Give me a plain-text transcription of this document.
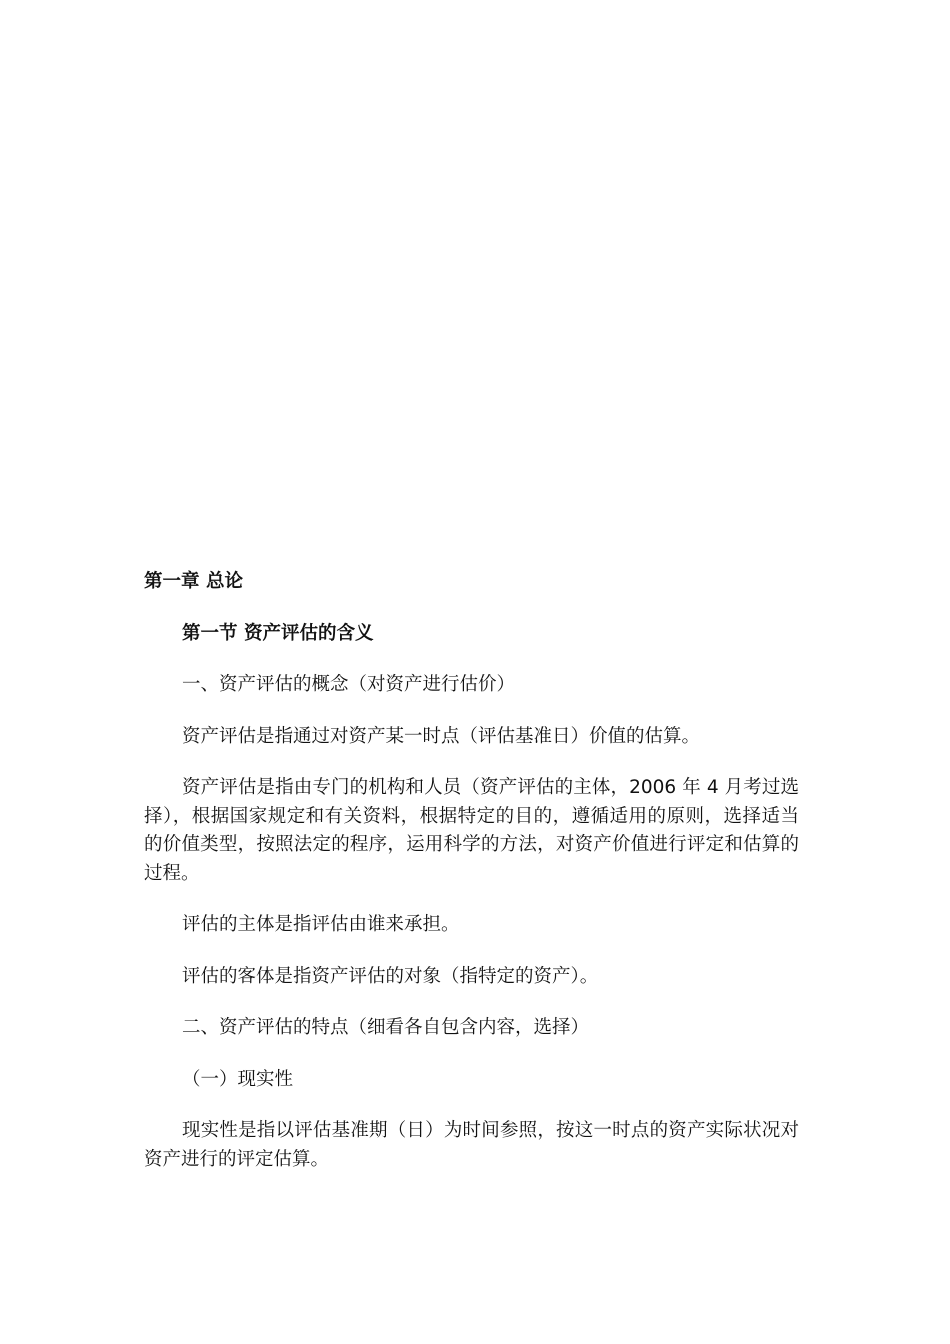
第一章 总论

第一节 资产评估的含义

一、资产评估的概念（对资产进行估价）

资产评估是指通过对资产某一时点（评估基准日）价值的估算。

资产评估是指由专门的机构和人员（资产评估的主体，2006 年 4 月考过选择），根据国家规定和有关资料，根据特定的目的，遵循适用的原则，选择适当的价值类型，按照法定的程序，运用科学的方法，对资产价值进行评定和估算的过程。

评估的主体是指评估由谁来承担。

评估的客体是指资产评估的对象（指特定的资产）。

二、资产评估的特点（细看各自包含内容，选择）

（一）现实性

现实性是指以评估基准期（日）为时间参照，按这一时点的资产实际状况对资产进行的评定估算。
